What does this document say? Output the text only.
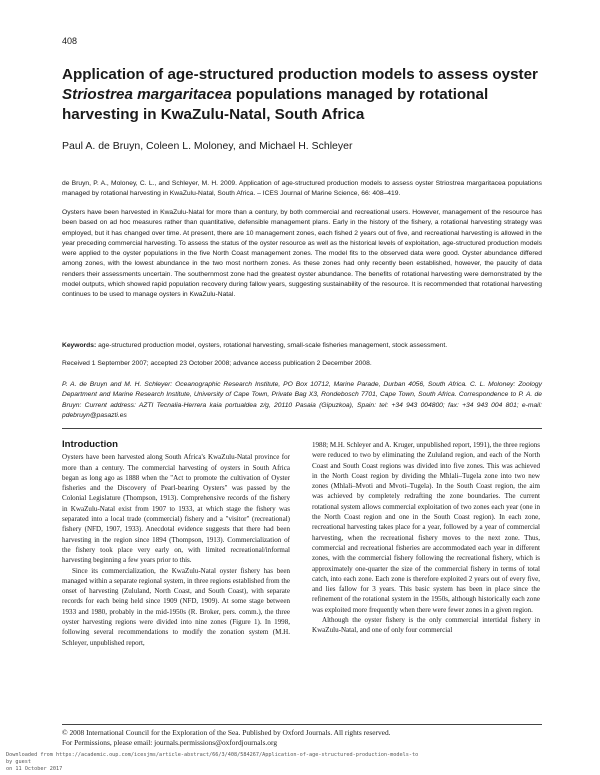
408
Application of age-structured production models to assess oyster
Striostrea margaritacea populations managed by rotational
harvesting in KwaZulu-Natal, South Africa
Paul A. de Bruyn, Coleen L. Moloney, and Michael H. Schleyer

de Bruyn, P. A., Moloney, C. L., and Schleyer, M. H. 2009. Application of age-structured production models to assess oyster Striostrea margaritacea populations managed by rotational harvesting in KwaZulu-Natal, South Africa. – ICES Journal of Marine Science, 66: 408–419.

Oysters have been harvested in KwaZulu-Natal for more than a century, by both commercial and recreational users. However, management of the resource has been based on ad hoc measures rather than quantitative, defensible management plans. Early in the history of the fishery, a rotational harvesting strategy was employed, but it has changed over time. At present, there are 10 management zones, each fished 2 years out of five, and recreational harvesting is allowed in the year preceding commercial harvesting. To assess the status of the oyster resource as well as the historical levels of exploitation, age-structured production models were applied to the oyster populations in the five North Coast management zones. The model fits to the observed data were good. Oyster abundance differed among zones, with the lowest abundance in the two most northern zones. As these zones had only recently been established, however, the paucity of data renders their assessments uncertain. The southernmost zone had the greatest oyster abundance. The benefits of rotational harvesting were demonstrated by the model outputs, which showed rapid population recovery during fallow years, suggesting sustainability of the resource. It is recommended that rotational harvesting continues to be used to manage oysters in KwaZulu-Natal.

Keywords: age-structured production model, oysters, rotational harvesting, small-scale fisheries management, stock assessment.

Received 1 September 2007; accepted 23 October 2008; advance access publication 2 December 2008.

P. A. de Bruyn and M. H. Schleyer: Oceanographic Research Institute, PO Box 10712, Marine Parade, Durban 4056, South Africa. C. L. Moloney: Zoology Department and Marine Research Institute, University of Cape Town, Private Bag X3, Rondebosch 7701, Cape Town, South Africa. Correspondence to P. A. de Bruyn: Current address: AZTI Tecnalia-Herrera kaia portualdea z/g, 20110 Pasaia (Gipuzkoa), Spain: tel: +34 943 004800; fax: +34 943 004 801; e-mail: pdebruyn@pasazti.es

Introduction

Oysters have been harvested along South Africa's KwaZulu-Natal province for more than a century. The commercial harvesting of oysters in South Africa began as long ago as 1888 when the "Act to promote the cultivation of Oyster fisheries and the Discovery of Pearl-bearing Oysters" was passed by the Colonial Legislature (Thompson, 1913). Comprehensive records of the fishery in KwaZulu-Natal exist from 1907 to 1933, at which stage the fishery was separated into a local trade (commercial) fishery and a "visitor" (recreational) fishery (NFD, 1907, 1933). Anecdotal evidence suggests that there had been harvesting in the region since 1894 (Thompson, 1913). Commercialization of the fishery took place very early on, with limited recreational/informal harvesting beginning a few years prior to this.

Since its commercialization, the KwaZulu-Natal oyster fishery has been managed within a separate regional system, in three regions established from the onset of harvesting (Zululand, North Coast, and South Coast), with separate records for each being held since 1909 (NFD, 1909). At some stage between 1933 and 1980, probably in the mid-1950s (R. Broker, pers. comm.), the three oyster harvesting regions were divided into nine zones (Figure 1). In 1998, following several recommendations to modify the zonation system (M.H. Schleyer, unpublished report,

1988; M.H. Schleyer and A. Kruger, unpublished report, 1991), the three regions were reduced to two by eliminating the Zululand region, and each of the North Coast and South Coast regions was divided into five zones. This was achieved in the North Coast region by dividing the Mhlali–Tugela zone into two new zones (Mhlali–Mvoti and Mvoti–Tugela). In the South Coast region, the aim was achieved by completely redrafting the zone boundaries. The current rotational system allows commercial exploitation of two zones each year (one in the North Coast region and one in the South Coast region). In each zone, recreational harvesting takes place for a year, followed by a year of commercial harvesting, when the recreational fishery moves to the next zone. Thus, commercial and recreational fisheries are accommodated each year in different zones, with the commercial fishery following the recreational fishery, which is approximately one-quarter the size of the commercial fishery in terms of total catch, into each zone. Each zone is therefore exploited 2 years out of every five, and lies fallow for 3 years. This basic system has been in place since the refinement of the rotational system in the 1950s, although historically each zone was exploited more frequently when there were fewer zones in a given region.

Although the oyster fishery is the only commercial intertidal fishery in KwaZulu-Natal, and one of only four commercial

© 2008 International Council for the Exploration of the Sea. Published by Oxford Journals. All rights reserved.
For Permissions, please email: journals.permissions@oxfordjournals.org
Downloaded from https://academic.oup.com/icesjms/article-abstract/66/3/408/584267/Application-of-age-structured-production-models-to
by guest
on 11 October 2017
